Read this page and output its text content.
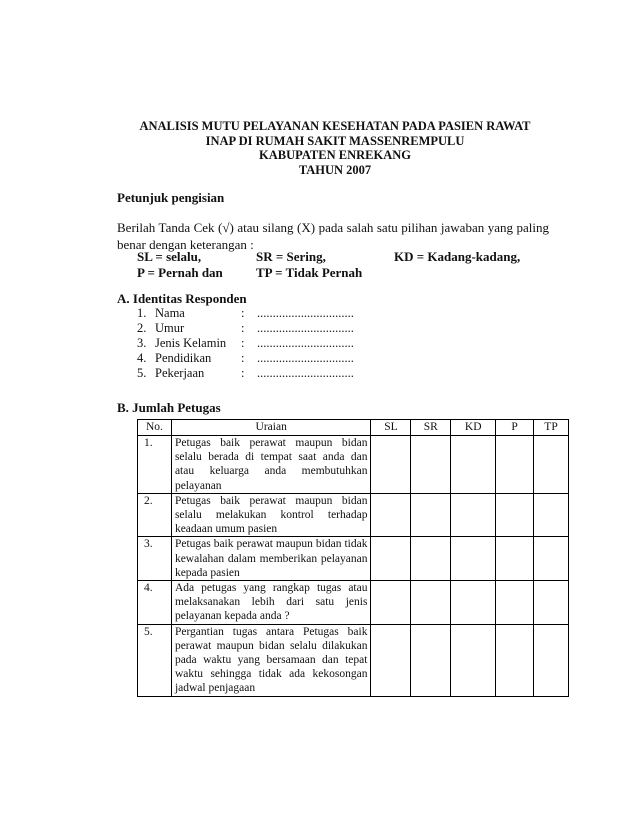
ANALISIS MUTU PELAYANAN KESEHATAN PADA PASIEN RAWAT
INAP DI RUMAH SAKIT MASSENREMPULU
KABUPATEN ENREKANG
TAHUN 2007
Petunjuk pengisian
Berilah Tanda Cek (√) atau silang (X) pada salah satu pilihan jawaban yang paling
benar dengan keterangan :
SL = selalu,	SR = Sering,	KD = Kadang-kadang,
P = Pernah dan	TP = Tidak Pernah
A. Identitas Responden
1. Nama	: ...............................
2. Umur	: ...............................
3. Jenis Kelamin : ...............................
4. Pendidikan : ...............................
5. Pekerjaan	: ...............................
B. Jumlah Petugas
No.	Uraian	SL	SR	KD	P	TP
1.	Petugas baik perawat maupun bidan selalu berada di tempat saat anda dan atau keluarga anda membutuhkan pelayanan					
2.	Petugas baik perawat maupun bidan selalu melakukan kontrol terhadap keadaan umum pasien					
3.	Petugas baik perawat maupun bidan tidak kewalahan dalam memberikan pelayanan kepada pasien					
4.	Ada petugas yang rangkap tugas atau melaksanakan lebih dari satu jenis pelayanan kepada anda ?					
5.	Pergantian tugas antara Petugas baik perawat maupun bidan selalu dilakukan pada waktu yang bersamaan dan tepat waktu sehingga tidak ada kekosongan jadwal penjagaan					
